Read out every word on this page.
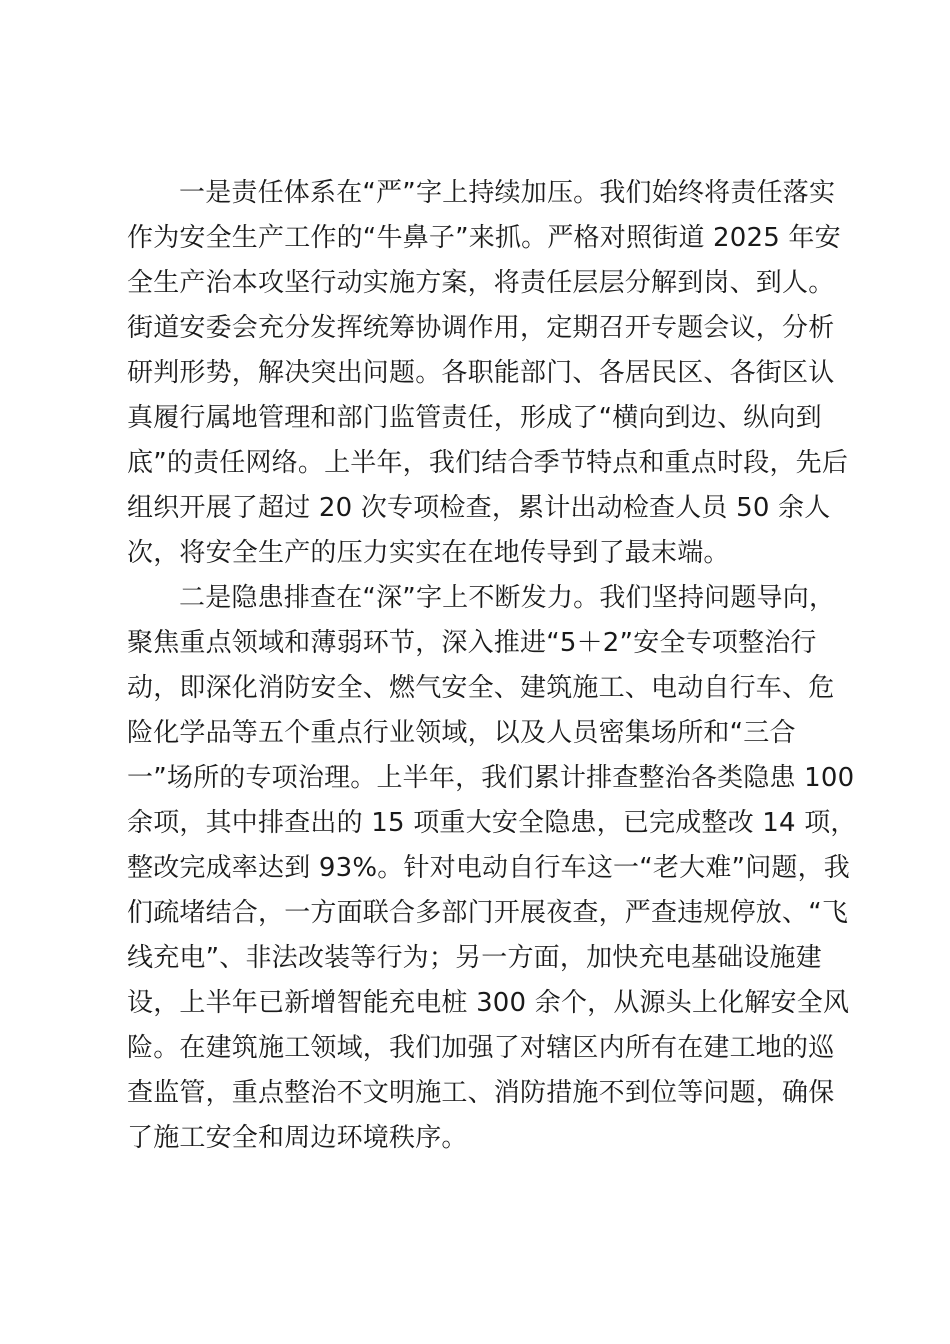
一是责任体系在“严”字上持续加压。我们始终将责任落实
作为安全生产工作的“牛鼻子”来抓。严格对照街道 2025 年安
全生产治本攻坚行动实施方案，将责任层层分解到岗、到人。
街道安委会充分发挥统筹协调作用，定期召开专题会议，分析
研判形势，解决突出问题。各职能部门、各居民区、各街区认
真履行属地管理和部门监管责任，形成了“横向到边、纵向到
底”的责任网络。上半年，我们结合季节特点和重点时段，先后
组织开展了超过 20 次专项检查，累计出动检查人员 50 余人
次，将安全生产的压力实实在在地传导到了最末端。
二是隐患排查在“深”字上不断发力。我们坚持问题导向，
聚焦重点领域和薄弱环节，深入推进“5＋2”安全专项整治行
动，即深化消防安全、燃气安全、建筑施工、电动自行车、危
险化学品等五个重点行业领域，以及人员密集场所和“三合
一”场所的专项治理。上半年，我们累计排查整治各类隐患 100
余项，其中排查出的 15 项重大安全隐患，已完成整改 14 项，
整改完成率达到 93%。针对电动自行车这一“老大难”问题，我
们疏堵结合，一方面联合多部门开展夜查，严查违规停放、“飞
线充电”、非法改装等行为；另一方面，加快充电基础设施建
设，上半年已新增智能充电桩 300 余个，从源头上化解安全风
险。在建筑施工领域，我们加强了对辖区内所有在建工地的巡
查监管，重点整治不文明施工、消防措施不到位等问题，确保
了施工安全和周边环境秩序。
